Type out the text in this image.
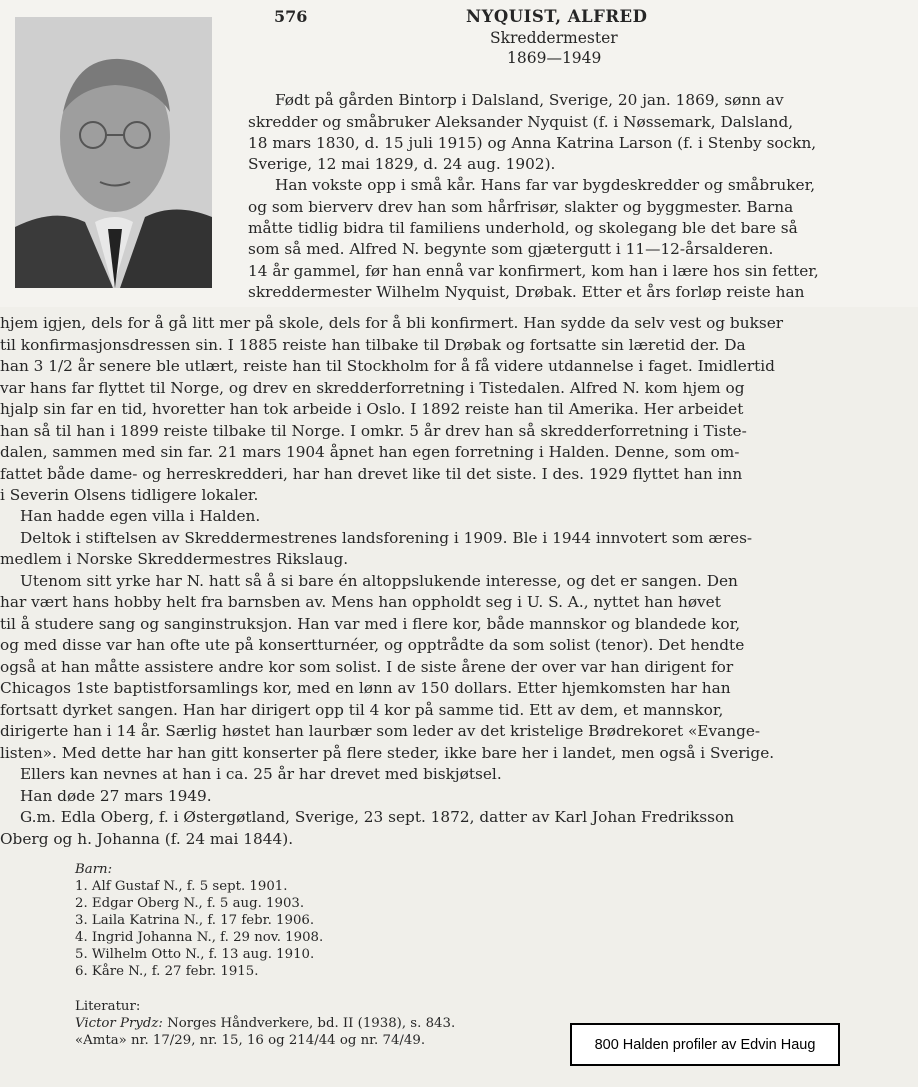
576	NYQUIST, ALFRED
Skreddermester
1869—1949
Født på gården Bintorp i Dalsland, Sverige, 20 jan. 1869, sønn av
skredder og småbruker Aleksander Nyquist (f. i Nøssemark, Dalsland,
18 mars 1830, d. 15 juli 1915) og Anna Katrina Larson (f. i Stenby sockn,
Sverige, 12 mai 1829, d. 24 aug. 1902).
Han vokste opp i små kår. Hans far var bygdeskredder og småbruker,
og som bierverv drev han som hårfrisør, slakter og byggmester. Barna
måtte tidlig bidra til familiens underhold, og skolegang ble det bare så
som så med. Alfred N. begynte som gjætergutt i 11—12-årsalderen.
14 år gammel, før han ennå var konfirmert, kom han i lære hos sin fetter,
skreddermester Wilhelm Nyquist, Drøbak. Etter et års forløp reiste han
hjem igjen, dels for å gå litt mer på skole, dels for å bli konfirmert. Han sydde da selv vest og bukser
til konfirmasjonsdressen sin. I 1885 reiste han tilbake til Drøbak og fortsatte sin læretid der. Da
han 3 1/2 år senere ble utlært, reiste han til Stockholm for å få videre utdannelse i faget. Imidlertid
var hans far flyttet til Norge, og drev en skredderforretning i Tistedalen. Alfred N. kom hjem og
hjalp sin far en tid, hvoretter han tok arbeide i Oslo. I 1892 reiste han til Amerika. Her arbeidet
han så til han i 1899 reiste tilbake til Norge. I omkr. 5 år drev han så skredderforretning i Tiste-
dalen, sammen med sin far. 21 mars 1904 åpnet han egen forretning i Halden. Denne, som om-
fattet både dame- og herreskredderi, har han drevet like til det siste. I des. 1929 flyttet han inn
i Severin Olsens tidligere lokaler.
Han hadde egen villa i Halden.
Deltok i stiftelsen av Skreddermestrenes landsforening i 1909. Ble i 1944 innvotert som æres-
medlem i Norske Skreddermestres Rikslaug.
Utenom sitt yrke har N. hatt så å si bare én altoppslukende interesse, og det er sangen. Den
har vært hans hobby helt fra barnsben av. Mens han oppholdt seg i U. S. A., nyttet han høvet
til å studere sang og sanginstruksjon. Han var med i flere kor, både mannskor og blandede kor,
og med disse var han ofte ute på konsertturnéer, og opptrådte da som solist (tenor). Det hendte
også at han måtte assistere andre kor som solist. I de siste årene der over var han dirigent for
Chicagos 1ste baptistforsamlings kor, med en lønn av 150 dollars. Etter hjemkomsten har han
fortsatt dyrket sangen. Han har dirigert opp til 4 kor på samme tid. Ett av dem, et mannskor,
dirigerte han i 14 år. Særlig høstet han laurbær som leder av det kristelige Brødrekoret «Evange-
listen». Med dette har han gitt konserter på flere steder, ikke bare her i landet, men også i Sverige.
Ellers kan nevnes at han i ca. 25 år har drevet med biskjøtsel.
Han døde 27 mars 1949.
G.m. Edla Oberg, f. i Østergøtland, Sverige, 23 sept. 1872, datter av Karl Johan Fredriksson
Oberg og h. Johanna (f. 24 mai 1844).
Barn:
1. Alf Gustaf N., f. 5 sept. 1901.
2. Edgar Oberg N., f. 5 aug. 1903.
3. Laila Katrina N., f. 17 febr. 1906.
4. Ingrid Johanna N., f. 29 nov. 1908.
5. Wilhelm Otto N., f. 13 aug. 1910.
6. Kåre N., f. 27 febr. 1915.
Literatur:
Victor Prydz: Norges Håndverkere, bd. II (1938), s. 843.
«Amta» nr. 17/29, nr. 15, 16 og 214/44 og nr. 74/49.	800 Halden profiler av Edvin Haug
